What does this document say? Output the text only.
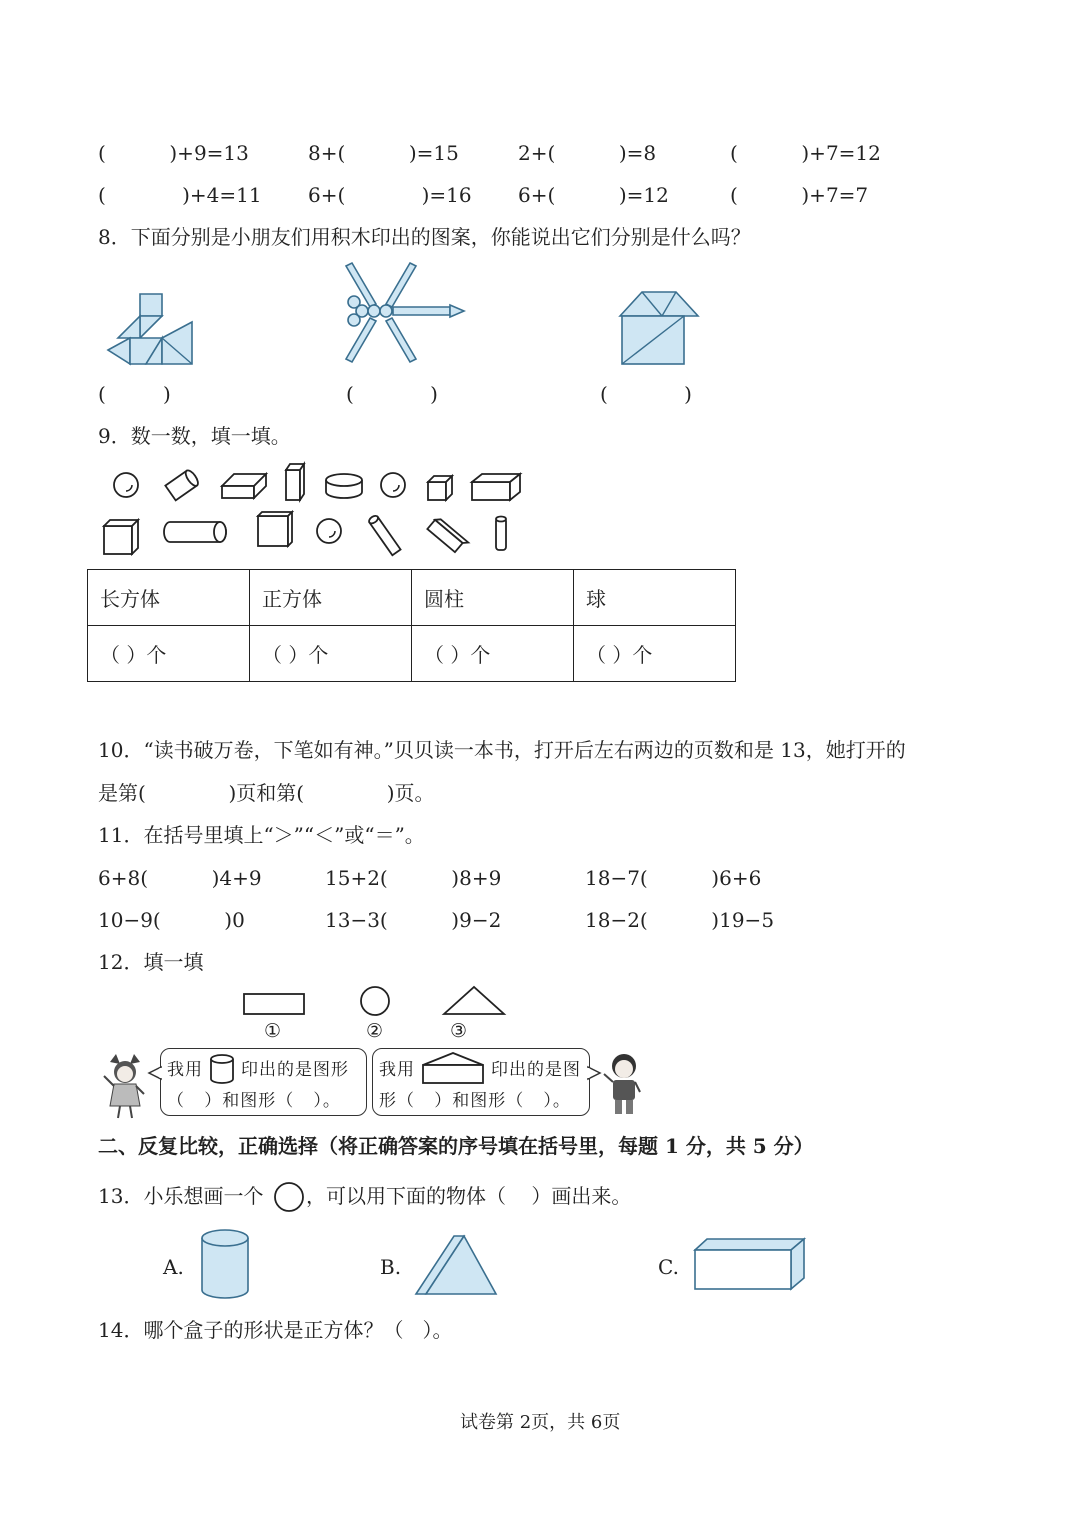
(          )+9=13	8+(          )=15	2+(          )=8	(          )+7=12
(            )+4=11 6+(            )=16 6+(          )=12	(          )+7=7
8．下面分别是小朋友们用积木印出的图案，你能说出它们分别是什么吗？
(         )	(            )	(            )
9．数一数，填一填。
长方体	正方体	圆柱	球
（ ）个	（ ）个	（ ）个	（ ）个
10．“读书破万卷，下笔如有神。”贝贝读一本书，打开后左右两边的页数和是 13，她打开的
是第(             )页和第(             )页。
11．在括号里填上“＞”“＜”或“＝”。
6+8(          )4+9	15+2(          )8+9	18−7(          )6+6
10−9(          )0	13−3(          )9−2	18−2(          )19−5
12．填一填
①	②	③
我用 印出的是图形
（   ）和图形（   ）。
我用	印出的是图
形（   ）和图形（   ）。
二、反复比较，正确选择（将正确答案的序号填在括号里，每题 1 分，共 5 分）
13．小乐想画一个 ，可以用下面的物体（    ）画出来。
A.	B.	C.
14．哪个盒子的形状是正方体？（   ）。
试卷第 2页，共 6页
